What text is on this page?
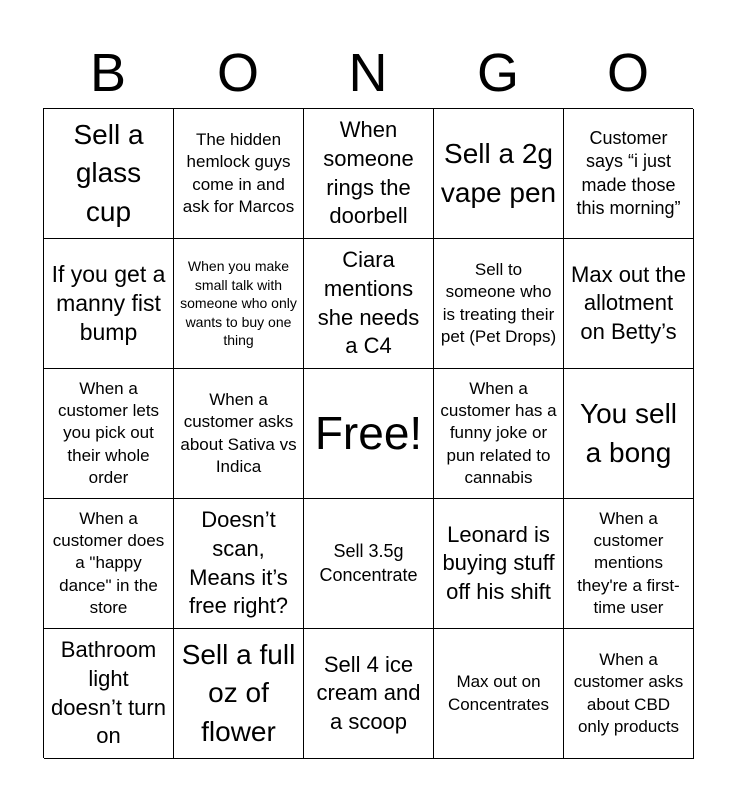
B	O	N	G	O
Sell a glass cup
The hidden hemlock guys come in and ask for Marcos
When someone rings the doorbell
Sell a 2g vape pen
Customer says “i just made those this morning”
If you get a manny fist bump
When you make small talk with someone who only wants to buy one thing
Ciara mentions she needs a C4
Sell to someone who is treating their pet (Pet Drops)
Max out the allotment on Betty’s
When a customer lets you pick out their whole order
When a customer asks about Sativa vs Indica
Free!
When a customer has a funny joke or pun related to cannabis
You sell a bong
When a customer does a "happy dance" in the store
Doesn’t scan, Means it’s free right?
Sell 3.5g Concentrate
Leonard is buying stuff off his shift
When a customer mentions they're a first-time user
Bathroom light doesn’t turn on
Sell a full oz of flower
Sell 4 ice cream and a scoop
Max out on Concentrates
When a customer asks about CBD only products
